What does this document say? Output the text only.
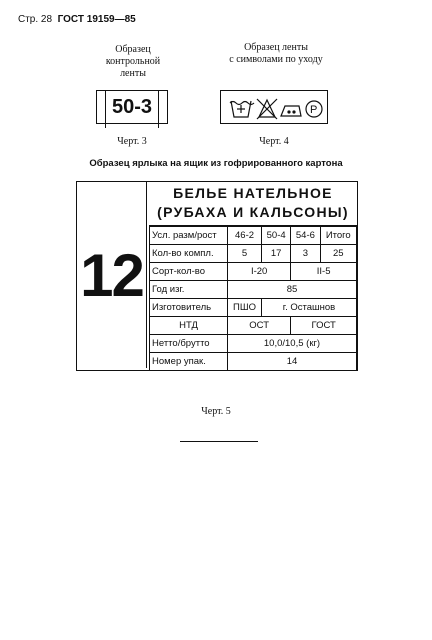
Стр. 28 ГОСТ 19159—85
Образец
контрольной
ленты
Образец ленты
с символами по уходу
50-3	P
Черт. 3	Черт. 4
Образец ярлыка на ящик из гофрированного картона
12
БЕЛЬЕ НАТЕЛЬНОЕ
(РУБАХА И КАЛЬСОНЫ)
Усл. разм/рост	46-2	50-4	54-6	Итого
Кол-во компл.	5	17	3	25
Сорт-кол-во	I-20		II-5	
Год изг.	85			
Изготовитель	ПШО	г. Осташнов		
НТД	ОСТ		ГОСТ	
Нетто/брутто	10,0/10,5 (кг)			
Номер упак.	14			
Черт. 5
